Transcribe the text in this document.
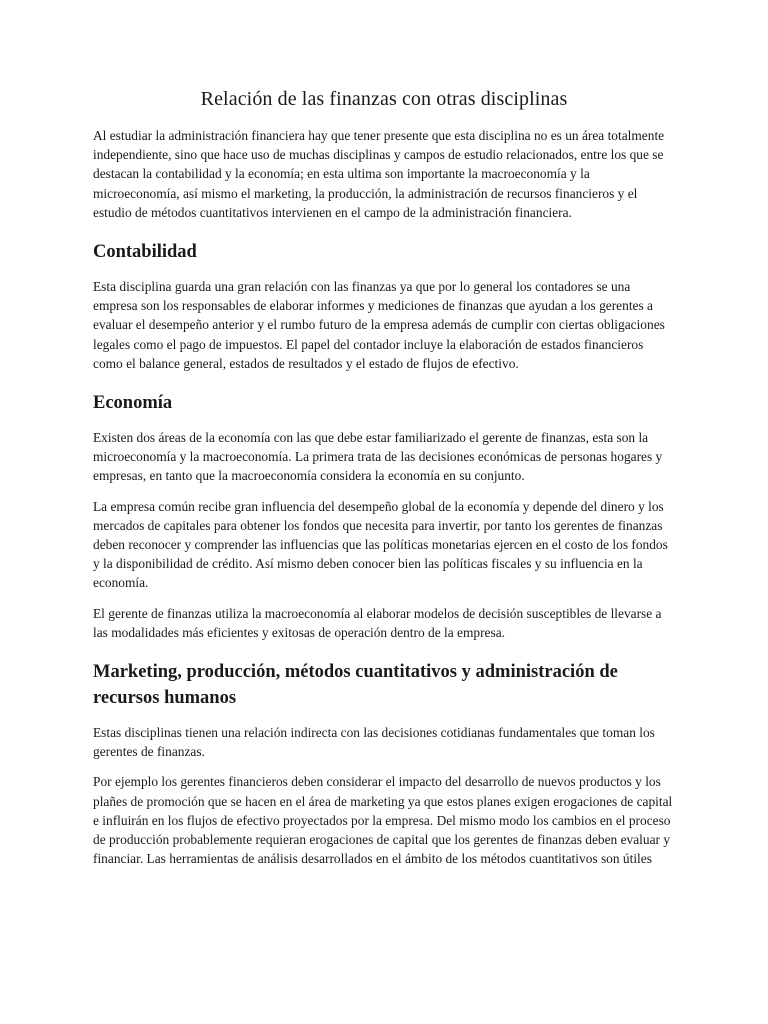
Relación de las finanzas con otras disciplinas

Al estudiar la administración financiera hay que tener presente que esta disciplina no es un área totalmente independiente, sino que hace uso de muchas disciplinas y campos de estudio relacionados, entre los que se destacan la contabilidad y la economía; en esta ultima son importante la macroeconomía y la microeconomía, así mismo el marketing, la producción, la administración de recursos financieros y el estudio de métodos cuantitativos intervienen en el campo de la administración financiera.

Contabilidad

Esta disciplina guarda una gran relación con las finanzas ya que por lo general los contadores se una empresa son los responsables de elaborar informes y mediciones de finanzas que ayudan a los gerentes a evaluar el desempeño anterior y el rumbo futuro de la empresa además de cumplir con ciertas obligaciones legales como el pago de impuestos. El papel del contador incluye la elaboración de estados financieros como el balance general, estados de resultados y el estado de flujos de efectivo.

Economía

Existen dos áreas de la economía con las que debe estar familiarizado el gerente de finanzas, esta son la microeconomía y la macroeconomía. La primera trata de las decisiones económicas de personas hogares y empresas, en tanto que la macroeconomía considera la economía en su conjunto.

La empresa común recibe gran influencia del desempeño global de la economía y depende del dinero y los mercados de capitales para obtener los fondos que necesita para invertir, por tanto los gerentes de finanzas deben reconocer y comprender las influencias que las políticas monetarias ejercen en el costo de los fondos y la disponibilidad de crédito. Así mismo deben conocer bien las políticas fiscales y su influencia en la economía.

El gerente de finanzas utiliza la macroeconomía al elaborar modelos de decisión susceptibles de llevarse a las modalidades más eficientes y exitosas de operación dentro de la empresa.

Marketing, producción, métodos cuantitativos y administración de recursos humanos

Estas disciplinas tienen una relación indirecta con las decisiones cotidianas fundamentales que toman los gerentes de finanzas.

Por ejemplo los gerentes financieros deben considerar el impacto del desarrollo de nuevos productos y los plañes de promoción que se hacen en el área de marketing ya que estos planes exigen erogaciones de capital e influirán en los flujos de efectivo proyectados por la empresa. Del mismo modo los cambios en el proceso de producción probablemente requieran erogaciones de capital que los gerentes de finanzas deben evaluar y financiar. Las herramientas de análisis desarrollados en el ámbito de los métodos cuantitativos son útiles
